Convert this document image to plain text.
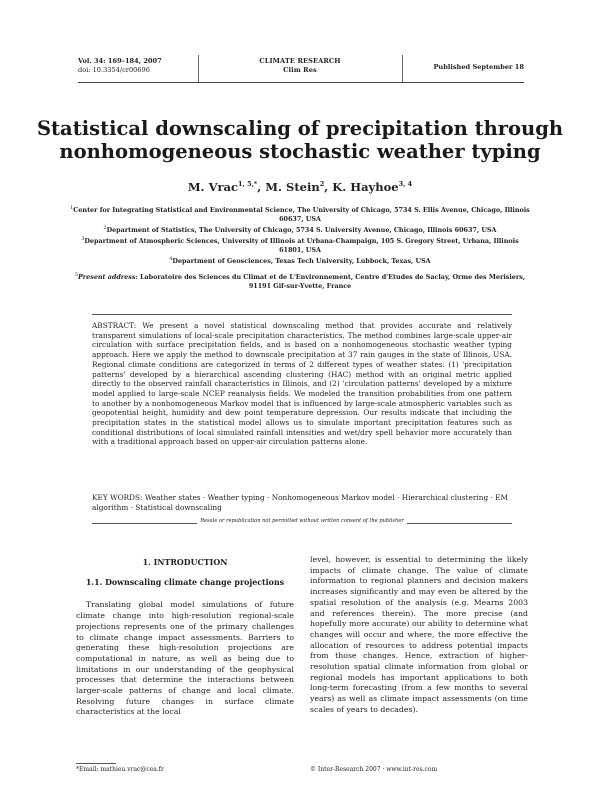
Vol. 34: 169–184, 2007
doi: 10.3354/cr00696
CLIMATE RESEARCH
Clim Res	Published September 18
Statistical downscaling of precipitation through
nonhomogeneous stochastic weather typing
M. Vrac$^{1, 5,*}$, M. Stein$^2$, K. Hayhoe$^{3, 4}$
$^1$Center for Integrating Statistical and Environmental Science, The University of Chicago, 5734 S. Ellis Avenue, Chicago, Illinois 60637, USA
$^2$Department of Statistics, The University of Chicago, 5734 S. University Avenue, Chicago, Illinois 60637, USA
$^3$Department of Atmospheric Sciences, University of Illinois at Urbana-Champaign, 105 S. Gregory Street, Urbana, Illinois 61801, USA
$^4$Department of Geosciences, Texas Tech University, Lubbock, Texas, USA
$^5$Present address: Laboratoire des Sciences du Climat et de L'Environnement, Centre d'Etudes de Saclay, Orme des Merisiers, 91191 Gif-sur-Yvette, France
ABSTRACT: We present a novel statistical downscaling method that provides accurate and relatively transparent simulations of local-scale precipitation characteristics. The method combines large-scale upper-air circulation with surface precipitation fields, and is based on a nonhomogeneous stochastic weather typing approach. Here we apply the method to downscale precipitation at 37 rain gauges in the state of Illinois, USA. Regional climate conditions are categorized in terms of 2 different types of weather states: (1) 'precipitation patterns' developed by a hierarchical ascending clustering (HAC) method with an original metric applied directly to the observed rainfall characteristics in Illinois, and (2) 'circulation patterns' developed by a mixture model applied to large-scale NCEP reanalysis fields. We modeled the transition probabilities from one pattern to another by a nonhomogeneous Markov model that is influenced by large-scale atmospheric variables such as geopotential height, humidity and dew point temperature depression. Our results indicate that including the precipitation states in the statistical model allows us to simulate important precipitation features such as conditional distributions of local simulated rainfall intensities and wet/dry spell behavior more accurately than with a traditional approach based on upper-air circulation patterns alone.
KEY WORDS: Weather states · Weather typing · Nonhomogeneous Markov model · Hierarchical clustering · EM algorithm · Statistical downscaling
Resale or republication not permitted without written consent of the publisher
1. INTRODUCTION
1.1. Downscaling climate change projections

Translating global model simulations of future climate change into high-resolution regional-scale projections represents one of the primary challenges to climate change impact assessments. Barriers to generating these high-resolution projections are computational in nature, as well as being due to limitations in our understanding of the geophysical processes that determine the interactions between larger-scale patterns of change and local climate. Resolving future changes in surface climate characteristics at the local

level, however, is essential to determining the likely impacts of climate change. The value of climate information to regional planners and decision makers increases significantly and may even be altered by the spatial resolution of the analysis (e.g. Mearns 2003 and references therein). The more precise (and hopefully more accurate) our ability to determine what changes will occur and where, the more effective the allocation of resources to address potential impacts from those changes. Hence, extraction of higher-resolution spatial climate information from global or regional models has important applications to both long-term forecasting (from a few months to several years) as well as climate impact assessments (on time scales of years to decades).

*Email: mathieu.vrac@cea.fr	© Inter-Research 2007 · www.int-res.com
